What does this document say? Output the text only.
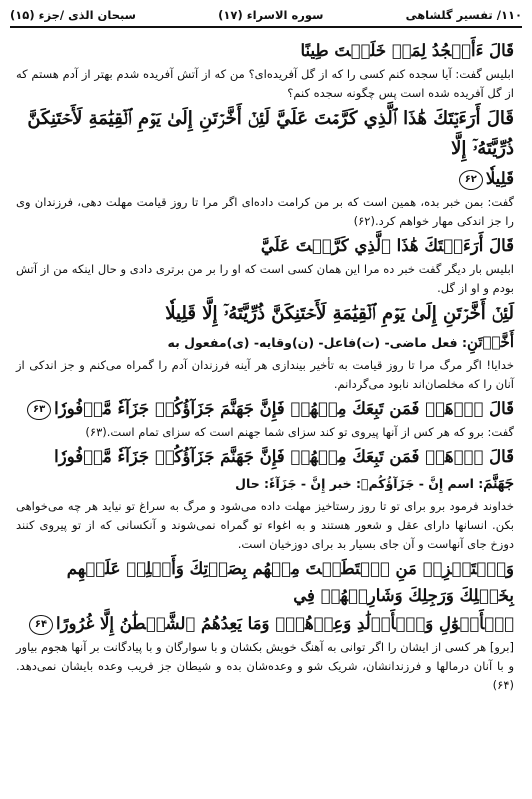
۱۱۰/ تفسیر گلشاهی
سوره الاسراء (۱۷)
سبحان الذی /جزء (۱۵)

قَالَ ءَأَسۡجُدُ لِمَنۡ خَلَقۡتَ طِينًا

ابلیس گفت: آیا سجده کنم کسی را که از گل آفریده‌ای؟ من که از آتش آفریده شدم بهتر از آدم هستم که از گل آفریده شده است پس چگونه سجده کنم؟

قَالَ أَرَءَيۡتَكَ هَٰذَا ٱلَّذِي كَرَّمۡتَ عَلَيَّ لَئِنۡ أَخَّرۡتَنِ إِلَىٰ يَوۡمِ ٱلۡقِيَٰمَةِ لَأَحۡتَنِكَنَّ ذُرِّيَّتَهُۥٓ إِلَّا

قَلِيلٗا۶۲

گفت: بمن خبر بده، همین است که بر من کرامت داده‌ای اگر مرا تا روز قیامت مهلت دهی، فرزندان وی را جز اندکی مهار خواهم کرد.(۶۲)

قَالَ أَرَءَيۡتَكَ هَٰذَا ٱلَّذِي كَرَّمۡتَ عَلَيَّ

ابلیس بار دیگر گفت خبر ده مرا این همان کسی است که او را بر من برتری دادی و حال اینکه من از آتش بودم و او از گل.

لَئِنۡ أَخَّرۡتَنِ إِلَىٰ يَوۡمِ ٱلۡقِيَٰمَةِ لَأَحۡتَنِكَنَّ ذُرِّيَّتَهُۥٓ إِلَّا قَلِيلٗا

أَخَّرۡتَنِ: فعل ماضی- (ت)فاعل- (ن)وقایه- (ی)مفعول به

خدایا! اگر مرگ مرا تا روز قیامت به تأخیر بیندازی هر آینه فرزندان آدم را گمراه می‌کنم و جز اندکی از آنان را که مخلصان‌اند نابود می‌گردانم.

قَالَ ٱذۡهَبۡ فَمَن تَبِعَكَ مِنۡهُمۡ فَإِنَّ جَهَنَّمَ جَزَآؤُكُمۡ جَزَآءٗ مَّوۡفُورٗا۶۳

گفت: برو که هر کس از آنها پیروی تو کند سزای شما جهنم است که سزای تمام است.(۶۳)

قَالَ ٱذۡهَبۡ فَمَن تَبِعَكَ مِنۡهُمۡ فَإِنَّ جَهَنَّمَ جَزَآؤُكُمۡ جَزَآءٗ مَّوۡفُورٗا

جَهَنَّمَ: اسم إِنَّ - جَزَآؤُكُمۡ: خبر إِنَّ - جَزَآءٗ: حال

خداوند فرمود برو برای تو تا روز رستاخیز مهلت داده می‌شود و مرگ به سراغ تو نیاید هر چه می‌خواهی بکن. انسانها دارای عقل و شعور هستند و به اغواء تو گمراه نمی‌شوند و آنکسانی که از تو پیروی کنند دوزخ جای آنهاست و آن جای بسیار بد برای دوزخیان است.

وَٱسۡتَفۡزِزۡ مَنِ ٱسۡتَطَعۡتَ مِنۡهُم بِصَوۡتِكَ وَأَجۡلِبۡ عَلَيۡهِم بِخَيۡلِكَ وَرَجِلِكَ وَشَارِكۡهُمۡ فِي

ٱلۡأَمۡوَٰلِ وَٱلۡأَوۡلَٰدِ وَعِدۡهُمۡۚ وَمَا يَعِدُهُمُ ٱلشَّيۡطَٰنُ إِلَّا غُرُورًا۶۴

[برو] هر کسی از ایشان را اگر توانی به آهنگ خویش بکشان و با سوارگان و با پیادگانت بر آنها هجوم بیاور و با آنان درمالها و فرزندانشان، شریک شو و وعده‌شان بده و شیطان جز فریب وعده بایشان نمی‌دهد.(۶۴)
